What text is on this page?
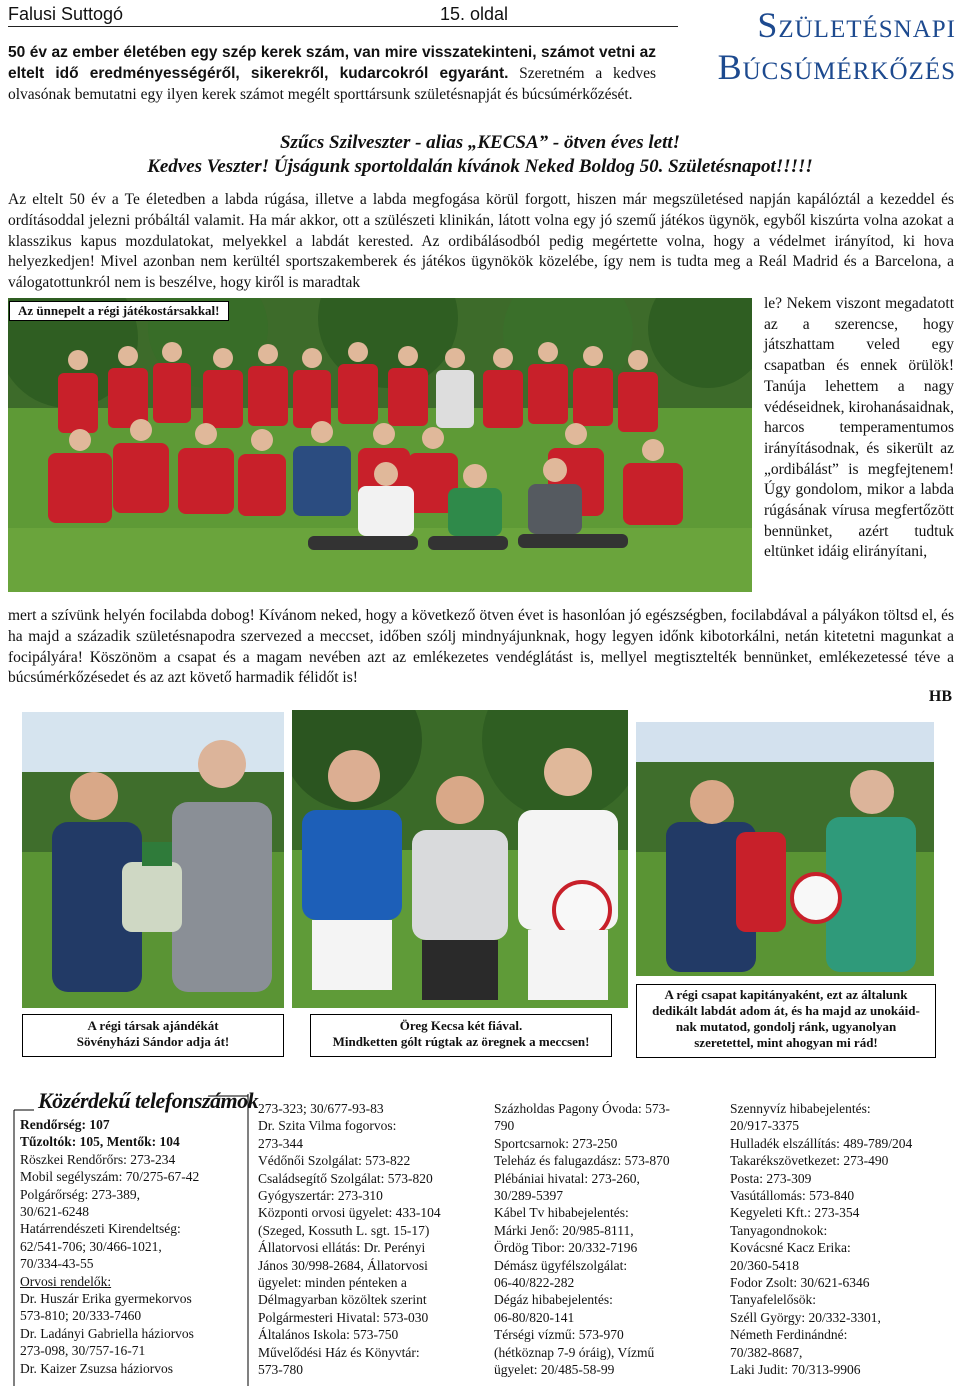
Falusi Suttogó	15. oldal	Születésnapi
Búcsúmérkőzés
50 év az ember életében egy szép kerek szám, van mire visszatekinteni, számot vetni az eltelt idő eredményességéről, sikerekről, kudarcokról egyaránt. Szeretném a kedves olvasónak bemutatni egy ilyen kerek számot megélt sporttársunk születésnapját és búcsúmérkőzését.
Szűcs Szilveszter - alias „KECSA” - ötven éves lett!
Kedves Veszter! Újságunk sportoldalán kívánok Neked Boldog 50. Születésnapot!!!!!
Az eltelt 50 év a Te életedben a labda rúgása, illetve a labda megfogása körül forgott, hiszen már megszületésed napján kapálóztál a kezeddel és ordításoddal jelezni próbáltál valamit. Ha már akkor, ott a szülészeti klinikán, látott volna egy jó szemű játékos ügynök, egyből kiszúrta volna azokat a klasszikus kapus mozdulatokat, melyekkel a labdát kerested. Az ordibálásodból pedig megértette volna, hogy a védelmet irányítod, ki hova helyezkedjen! Mivel azonban nem kerültél sportszakemberek és játékos ügynökök közelébe, így nem is tudta meg a Reál Madrid és a Barcelona, a válogatottunkról nem is beszélve, hogy kiről is maradtak
Az ünnepelt a régi játékostársakkal!	le? Nekem viszont megadatott az a szerencse, hogy játszhattam veled egy csapatban és ennek örülök! Tanúja lehettem a nagy védéseidnek, kirohanásaidnak, harcos temperamentumos irányításodnak, és sikerült az „ordibálást” is megfejtenem! Úgy gondolom, mikor a labda rúgásának vírusa megfertőzött bennünket, azért tudtuk eltünket idáig elirányítani,
mert a szívünk helyén focilabda dobog! Kívánom neked, hogy a következő ötven évet is hasonlóan jó egészségben, focilabdával a pályákon töltsd el, és ha majd a századik születésnapodra szervezed a meccset, időben szólj mindnyájunknak, hogy legyen időnk kibotorkálni, netán kitetetni magunkat a focipályára! Köszönöm a csapat és a magam nevében azt az emlékezetes vendéglátást is, mellyel megtisztelték bennünket, emlékezetessé téve a búcsúmérkőzésedet és az azt követő harmadik félidőt is!
HB
A régi társak ajándékát
Sövényházi Sándor adja át!
Öreg Kecsa két fiával.
Mindketten gólt rúgtak az öregnek a meccsen!
A régi csapat kapitányaként, ezt az általunk
dedikált labdát adom át, és ha majd az unokáid-
nak mutatod, gondolj ránk, ugyanolyan
szeretettel, mint ahogyan mi rád!
Közérdekű telefonszámok
Rendőrség: 107
Tűzoltók: 105, Mentők: 104
Röszkei Rendőrőrs: 273-234
Mobil segélyszám: 70/275-67-42
Polgárőrség: 273-389,
30/621-6248
Határrendészeti Kirendeltség:
62/541-706; 30/466-1021,
70/334-43-55
Orvosi rendelők:
Dr. Huszár Erika gyermekorvos
573-810; 20/333-7460
Dr. Ladányi Gabriella háziorvos
273-098, 30/757-16-71
Dr. Kaizer Zsuzsa háziorvos
273-323; 30/677-93-83
Dr. Szita Vilma fogorvos:
273-344
Védőnői Szolgálat: 573-822
Családsegítő Szolgálat: 573-820
Gyógyszertár: 273-310
Központi orvosi ügyelet: 433-104
(Szeged, Kossuth L. sgt. 15-17)
Állatorvosi ellátás: Dr. Perényi
János 30/998-2684, Állatorvosi
ügyelet: minden pénteken a
Délmagyarban közöltek szerint
Polgármesteri Hivatal: 573-030
Általános Iskola: 573-750
Művelődési Ház és Könyvtár:
573-780
Százholdas Pagony Óvoda: 573-
790
Sportcsarnok: 273-250
Teleház és falugazdász: 573-870
Plébániai hivatal: 273-260,
30/289-5397
Kábel Tv hibabejelentés:
Márki Jenő: 20/985-8111,
Ördög Tibor: 20/332-7196
Démász ügyfélszolgálat:
06-40/822-282
Dégáz hibabejelentés:
06-80/820-141
Térségi vízmű: 573-970
(hétköznap 7-9 óráig), Vízmű
ügyelet: 20/485-58-99
Szennyvíz hibabejelentés:
20/917-3375
Hulladék elszállítás: 489-789/204
Takarékszövetkezet: 273-490
Posta: 273-309
Vasútállomás: 573-840
Kegyeleti Kft.: 273-354
Tanyagondnokok:
Kovácsné Kacz Erika:
20/360-5418
Fodor Zsolt: 30/621-6346
Tanyafelelősök:
Széll György: 20/332-3301,
Németh Ferdinándné:
70/382-8687,
Laki Judit: 70/313-9906
